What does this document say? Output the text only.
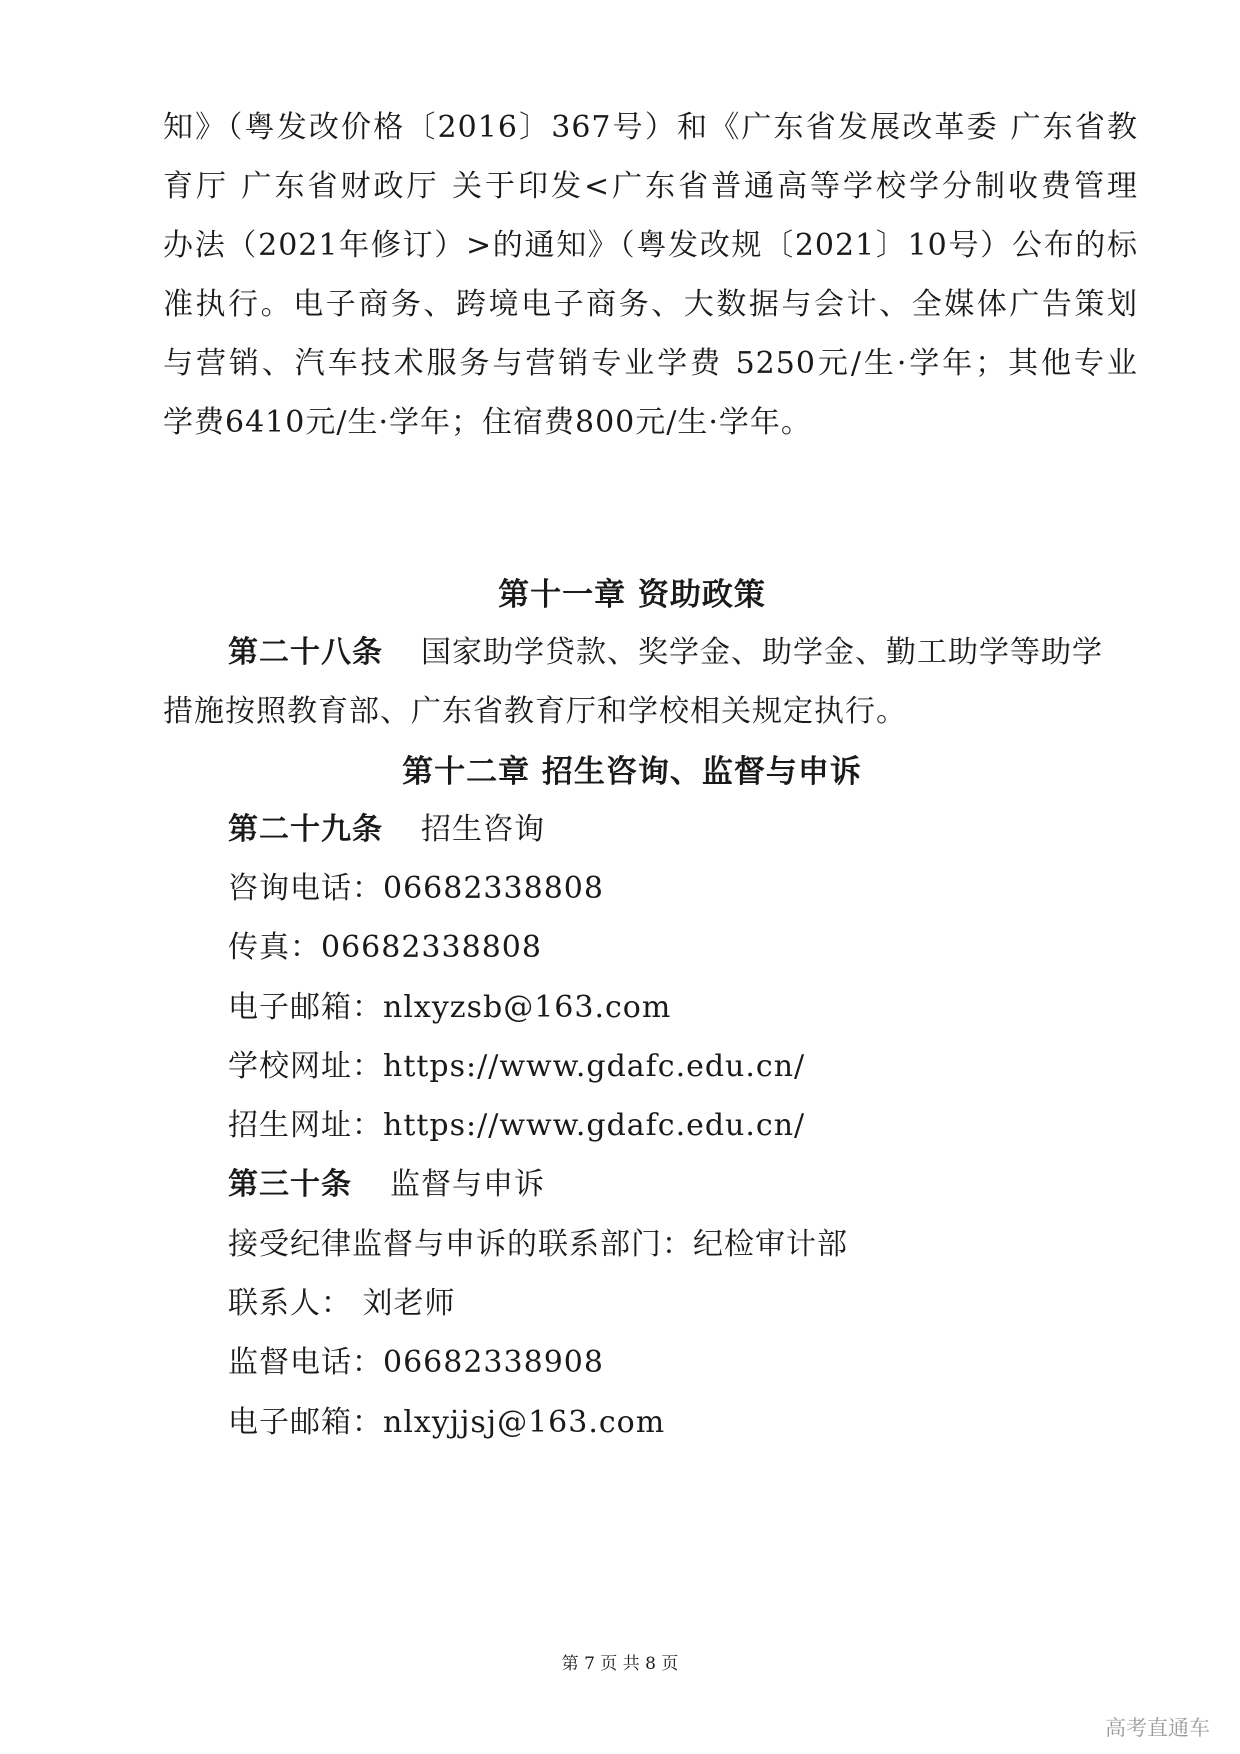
知》（粤发改价格〔2016〕367号）和《广东省发展改革委 广东省教
育厅 广东省财政厅 关于印发<广东省普通高等学校学分制收费管理
办法（2021年修订）>的通知》（粤发改规〔2021〕10号）公布的标
准执行。电子商务、跨境电子商务、大数据与会计、全媒体广告策划
与营销、汽车技术服务与营销专业学费 5250元/生·学年；其他专业
学费6410元/生·学年；住宿费800元/生·学年。
第十一章 资助政策
第二十八条 国家助学贷款、奖学金、助学金、勤工助学等助学
措施按照教育部、广东省教育厅和学校相关规定执行。
第十二章 招生咨询、监督与申诉
第二十九条 招生咨询
咨询电话：06682338808
传真：06682338808
电子邮箱：nlxyzsb@163.com
学校网址：https://www.gdafc.edu.cn/
招生网址：https://www.gdafc.edu.cn/
第三十条 监督与申诉
接受纪律监督与申诉的联系部门：纪检审计部
联系人： 刘老师
监督电话：06682338908
电子邮箱：nlxyjjsj@163.com
第 7 页 共 8 页
高考直通车
